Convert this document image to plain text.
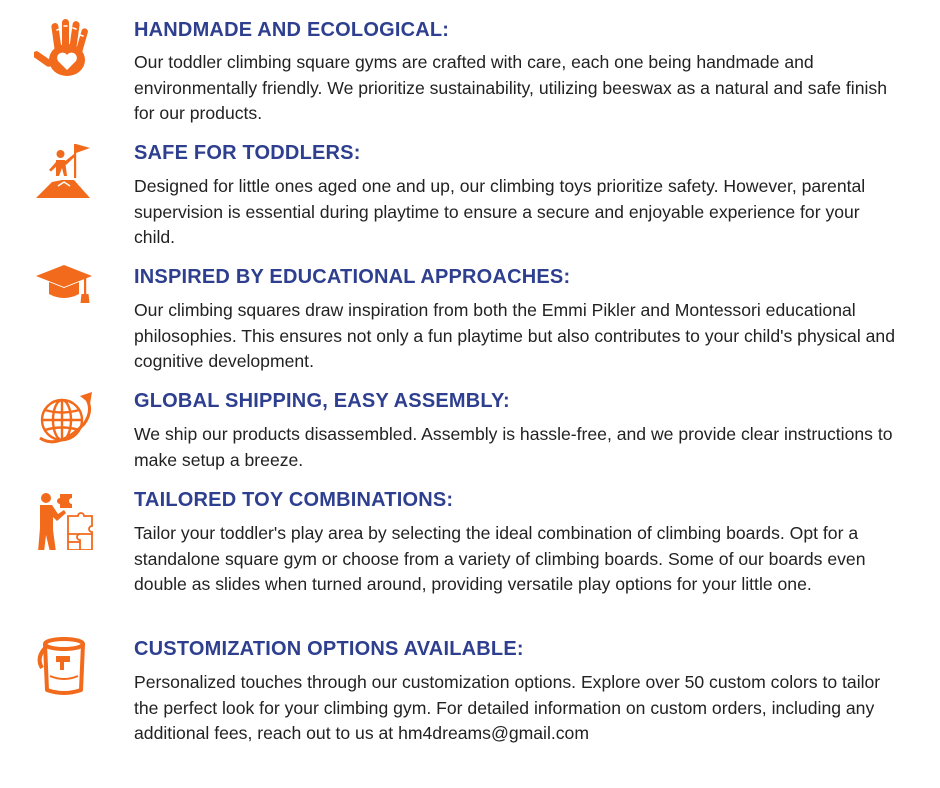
HANDMADE AND ECOLOGICAL:
Our toddler climbing square gyms are crafted with care, each one being handmade and environmentally friendly. We prioritize sustainability, utilizing beeswax as a natural and safe finish for our products.
SAFE FOR TODDLERS:
Designed for little ones aged one and up, our climbing toys prioritize safety. However, parental supervision is essential during playtime to ensure a secure and enjoyable experience for your child.
INSPIRED BY EDUCATIONAL APPROACHES:
Our climbing squares draw inspiration from both the Emmi Pikler and Montessori educational philosophies. This ensures not only a fun playtime but also contributes to your child's physical and cognitive development.
GLOBAL SHIPPING, EASY ASSEMBLY:
We ship our products disassembled. Assembly is hassle-free, and we provide clear instructions to make setup a breeze.
TAILORED TOY COMBINATIONS:
Tailor your toddler's play area by selecting the ideal combination of climbing boards. Opt for a standalone square gym or choose from a variety of climbing boards. Some of our boards even double as slides when turned around, providing versatile play options for your little one.
CUSTOMIZATION OPTIONS AVAILABLE:
Personalized touches through our customization options. Explore over 50 custom colors to tailor the perfect look for your climbing gym. For detailed information on custom orders, including any additional fees, reach out to us at hm4dreams@gmail.com
